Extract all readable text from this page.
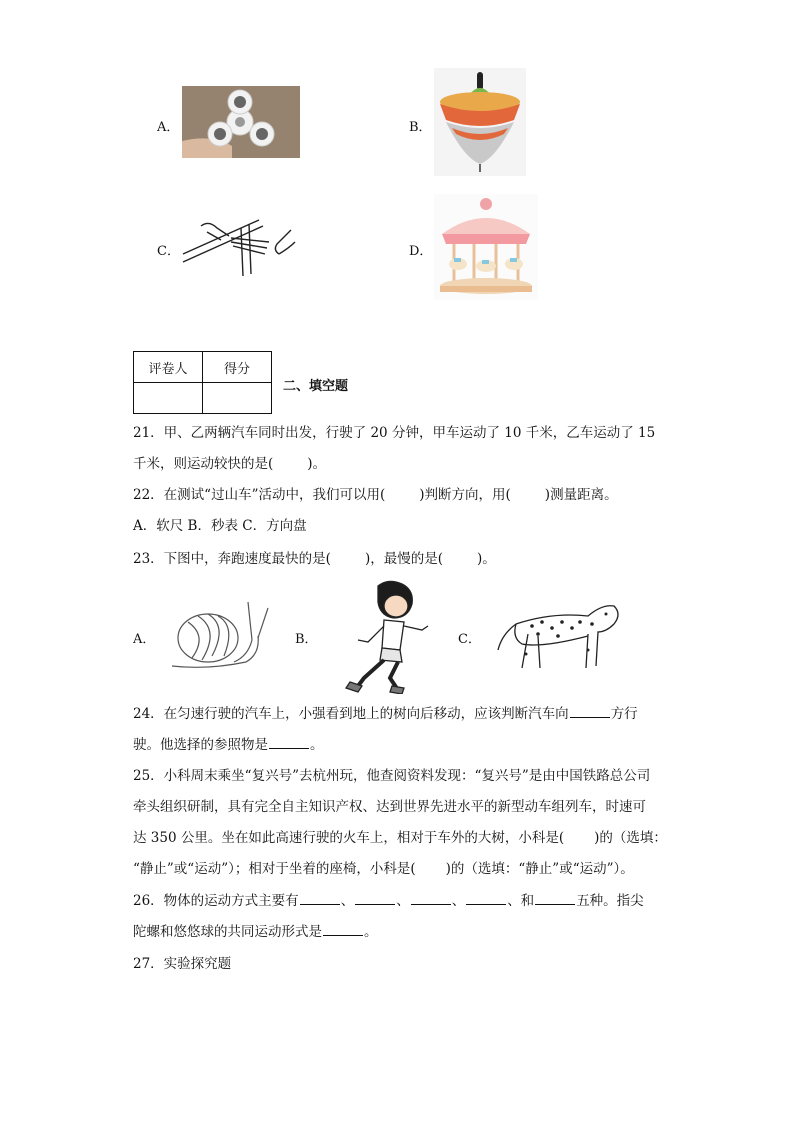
A．	B．
C．	D．
评卷人	得分

二、填空题
21．甲、乙两辆汽车同时出发，行驶了 20 分钟，甲车运动了 10 千米，乙车运动了 15
千米，则运动较快的是(	)。
22．在测试“过山车”活动中，我们可以用(	)判断方向，用(	)测量距离。
A．软尺 B．秒表 C．方向盘
23．下图中，奔跑速度最快的是(	)，最慢的是(	)。
A．	B．	C．
24．在匀速行驶的汽车上，小强看到地上的树向后移动，应该判断汽车向	方行
驶。他选择的参照物是	。
25．小科周末乘坐“复兴号”去杭州玩，他查阅资料发现：“复兴号”是由中国铁路总公司
牵头组织研制，具有完全自主知识产权、达到世界先进水平的新型动车组列车，时速可
达 350 公里。坐在如此高速行驶的火车上，相对于车外的大树，小科是( )的（选填：
“静止”或“运动”）；相对于坐着的座椅，小科是( )的（选填：“静止”或“运动”）。
26．物体的运动方式主要有	、	、	、	、和	五种。指尖
陀螺和悠悠球的共同运动形式是	。
27．实验探究题
